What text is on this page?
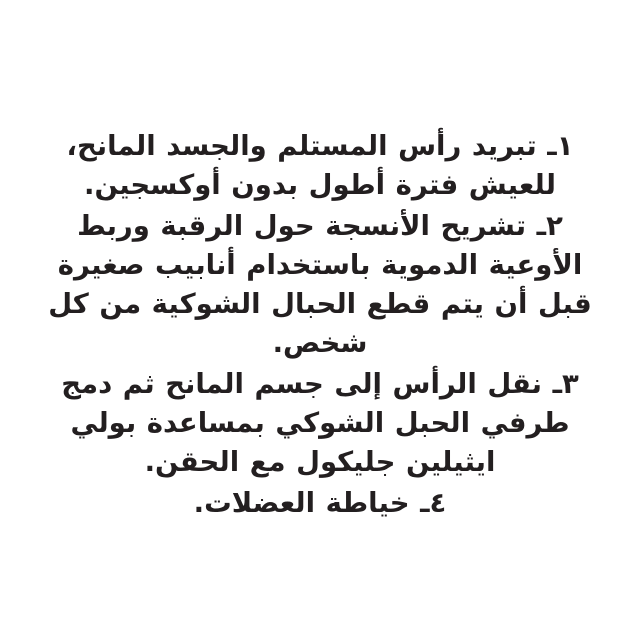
١ـ تبريد رأس المستلم والجسد المانح، للعيش فترة أطول بدون أوكسجين.

٢ـ تشريح الأنسجة حول الرقبة وربط الأوعية الدموية باستخدام أنابيب صغيرة قبل أن يتم قطع الحبال الشوكية من كل شخص.

٣ـ نقل الرأس إلى جسم المانح ثم دمج طرفي الحبل الشوكي بمساعدة بولي ايثيلين جليكول مع الحقن.

٤ـ خياطة العضلات.
